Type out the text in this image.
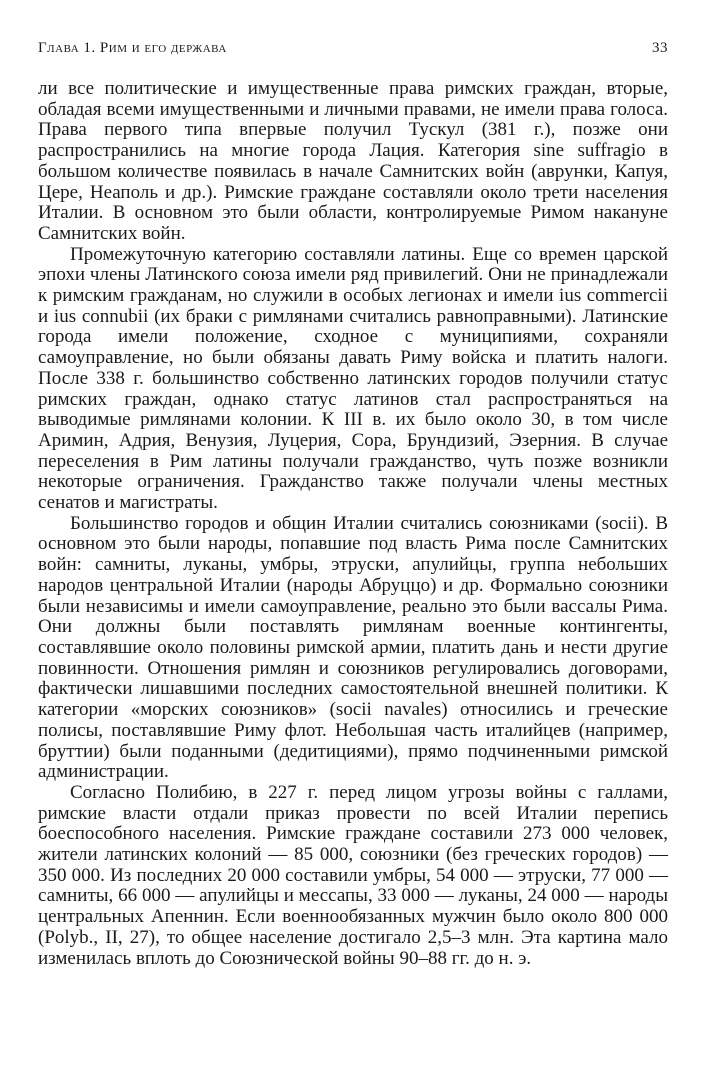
Глава 1. Рим и его держава	33

ли все политические и имущественные права римских граждан, вторые, обладая всеми имущественными и личными правами, не имели права голоса. Права первого типа впервые получил Тускул (381 г.), позже они распространились на многие города Лация. Категория sine suffragio в большом количестве появилась в начале Самнитских войн (аврунки, Капуя, Цере, Неаполь и др.). Римские граждане составляли около трети населения Италии. В основном это были области, контролируемые Римом накануне Самнитских войн.

Промежуточную категорию составляли латины. Еще со времен царской эпохи члены Латинского союза имели ряд привилегий. Они не принадлежали к римским гражданам, но служили в особых легионах и имели ius commercii и ius connubii (их браки с римлянами считались равноправными). Латинские города имели положение, сходное с муниципиями, сохраняли самоуправление, но были обязаны давать Риму войска и платить налоги. После 338 г. большинство собственно латинских городов получили статус римских граждан, однако статус латинов стал распространяться на выводимые римлянами колонии. К III в. их было около 30, в том числе Аримин, Адрия, Венузия, Луцерия, Сора, Брундизий, Эзерния. В случае переселения в Рим латины получали гражданство, чуть позже возникли некоторые ограничения. Гражданство также получали члены местных сенатов и магистраты.

Большинство городов и общин Италии считались союзниками (socii). В основном это были народы, попавшие под власть Рима после Самнитских войн: самниты, луканы, умбры, этруски, апулийцы, группа небольших народов центральной Италии (народы Абруццо) и др. Формально союзники были независимы и имели самоуправление, реально это были вассалы Рима. Они должны были поставлять римлянам военные контингенты, составлявшие около половины римской армии, платить дань и нести другие повинности. Отношения римлян и союзников регулировались договорами, фактически лишавшими последних самостоятельной внешней политики. К категории «морских союзников» (socii navales) относились и греческие полисы, поставлявшие Риму флот. Небольшая часть италийцев (например, бруттии) были поданными (дедитициями), прямо подчиненными римской администрации.

Согласно Полибию, в 227 г. перед лицом угрозы войны с галлами, римские власти отдали приказ провести по всей Италии перепись боеспособного населения. Римские граждане составили 273 000 человек, жители латинских колоний — 85 000, союзники (без греческих городов) — 350 000. Из последних 20 000 составили умбры, 54 000 — этруски, 77 000 — самниты, 66 000 — апулийцы и мессапы, 33 000 — луканы, 24 000 — народы центральных Апеннин. Если военнообязанных мужчин было около 800 000 (Polyb., II, 27), то общее население достигало 2,5–3 млн. Эта картина мало изменилась вплоть до Союзнической войны 90–88 гг. до н. э.
